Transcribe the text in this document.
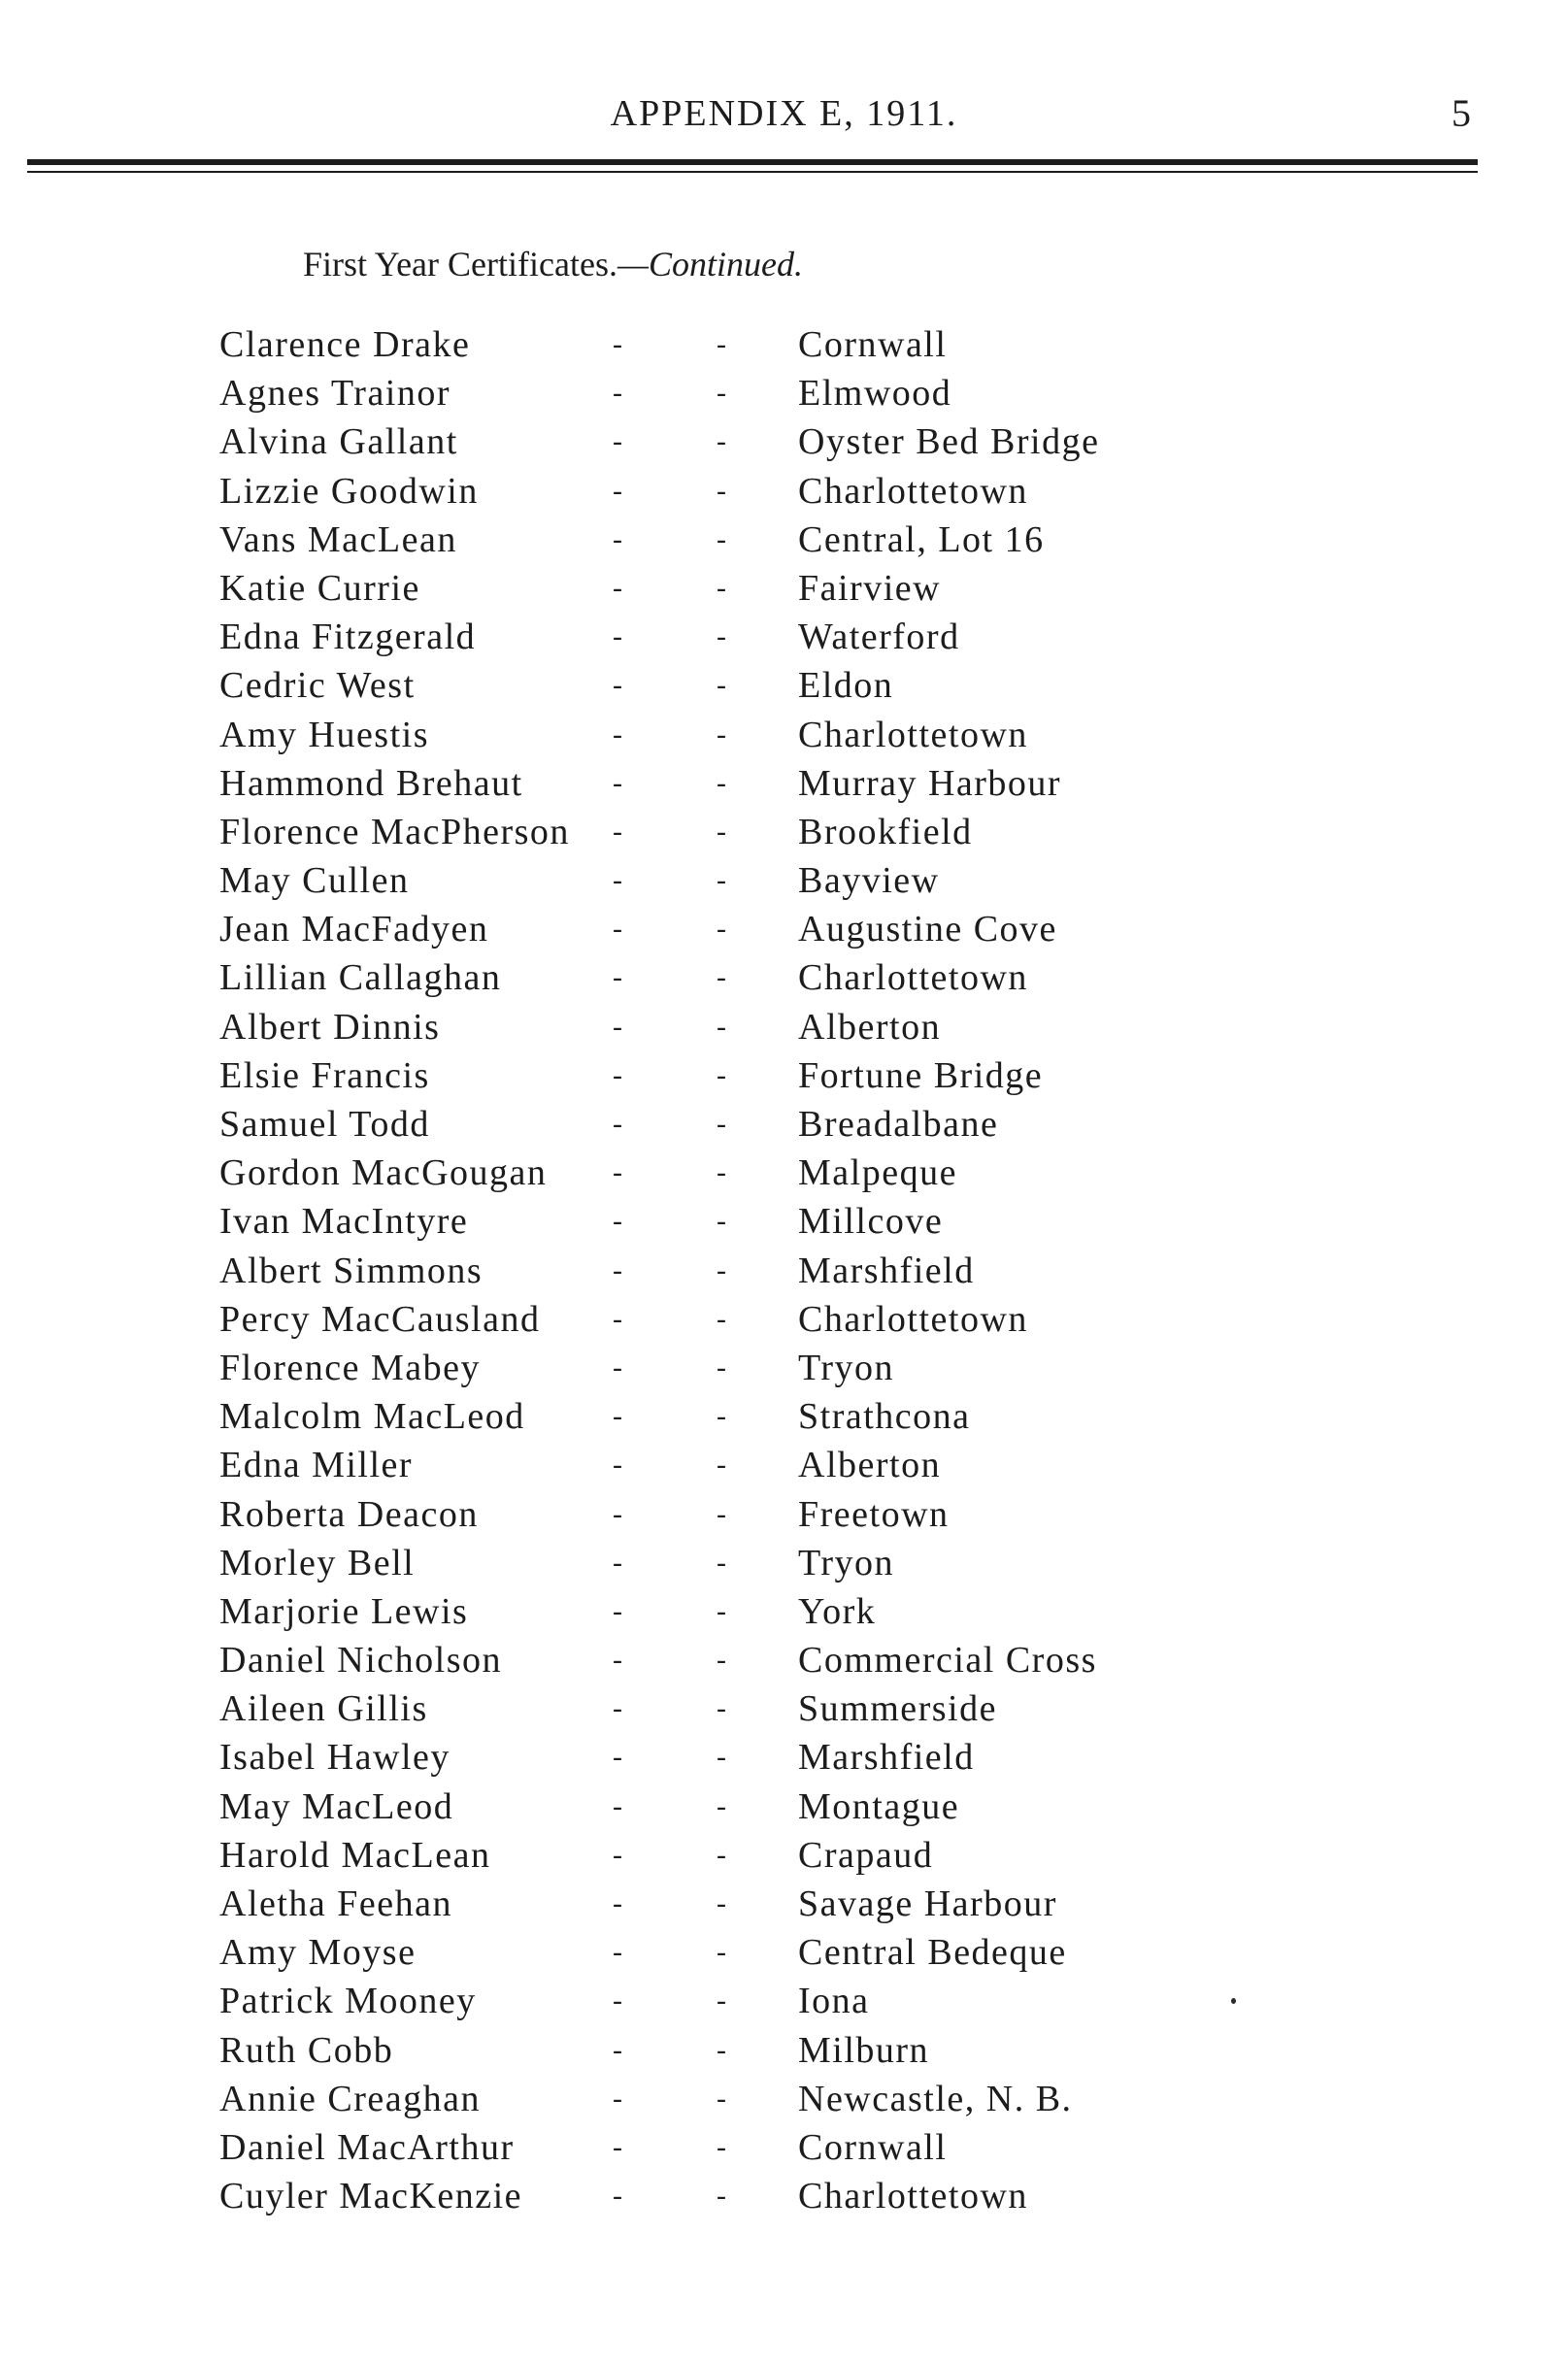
APPENDIX E, 1911.	5
First Year Certificates.—Continued.
Clarence Drake	-	- Cornwall
Agnes Trainor	-	- Elmwood
Alvina Gallant	-	- Oyster Bed Bridge
Lizzie Goodwin	-	- Charlottetown
Vans MacLean	-	- Central, Lot 16
Katie Currie	-	- Fairview
Edna Fitzgerald	-	- Waterford
Cedric West	-	- Eldon
Amy Huestis	-	- Charlottetown
Hammond Brehaut	-	- Murray Harbour
Florence MacPherson -	- Brookfield
May Cullen	-	- Bayview
Jean MacFadyen	-	- Augustine Cove
Lillian Callaghan	-	- Charlottetown
Albert Dinnis	-	- Alberton
Elsie Francis	-	- Fortune Bridge
Samuel Todd	-	- Breadalbane
Gordon MacGougan -	- Malpeque
Ivan MacIntyre	-	- Millcove
Albert Simmons	-	- Marshfield
Percy MacCausland -	- Charlottetown
Florence Mabey	-	- Tryon
Malcolm MacLeod	-	- Strathcona
Edna Miller	-	- Alberton
Roberta Deacon	-	- Freetown
Morley Bell	-	- Tryon
Marjorie Lewis	-	- York
Daniel Nicholson	-	- Commercial Cross
Aileen Gillis	-	- Summerside
Isabel Hawley	-	- Marshfield
May MacLeod	-	- Montague
Harold MacLean	-	- Crapaud
Aletha Feehan	-	- Savage Harbour
Amy Moyse	-	- Central Bedeque
Patrick Mooney	-	- Iona
Ruth Cobb	-	- Milburn
Annie Creaghan	-	- Newcastle, N. B.
Daniel MacArthur	-	- Cornwall
Cuyler MacKenzie	-	- Charlottetown
